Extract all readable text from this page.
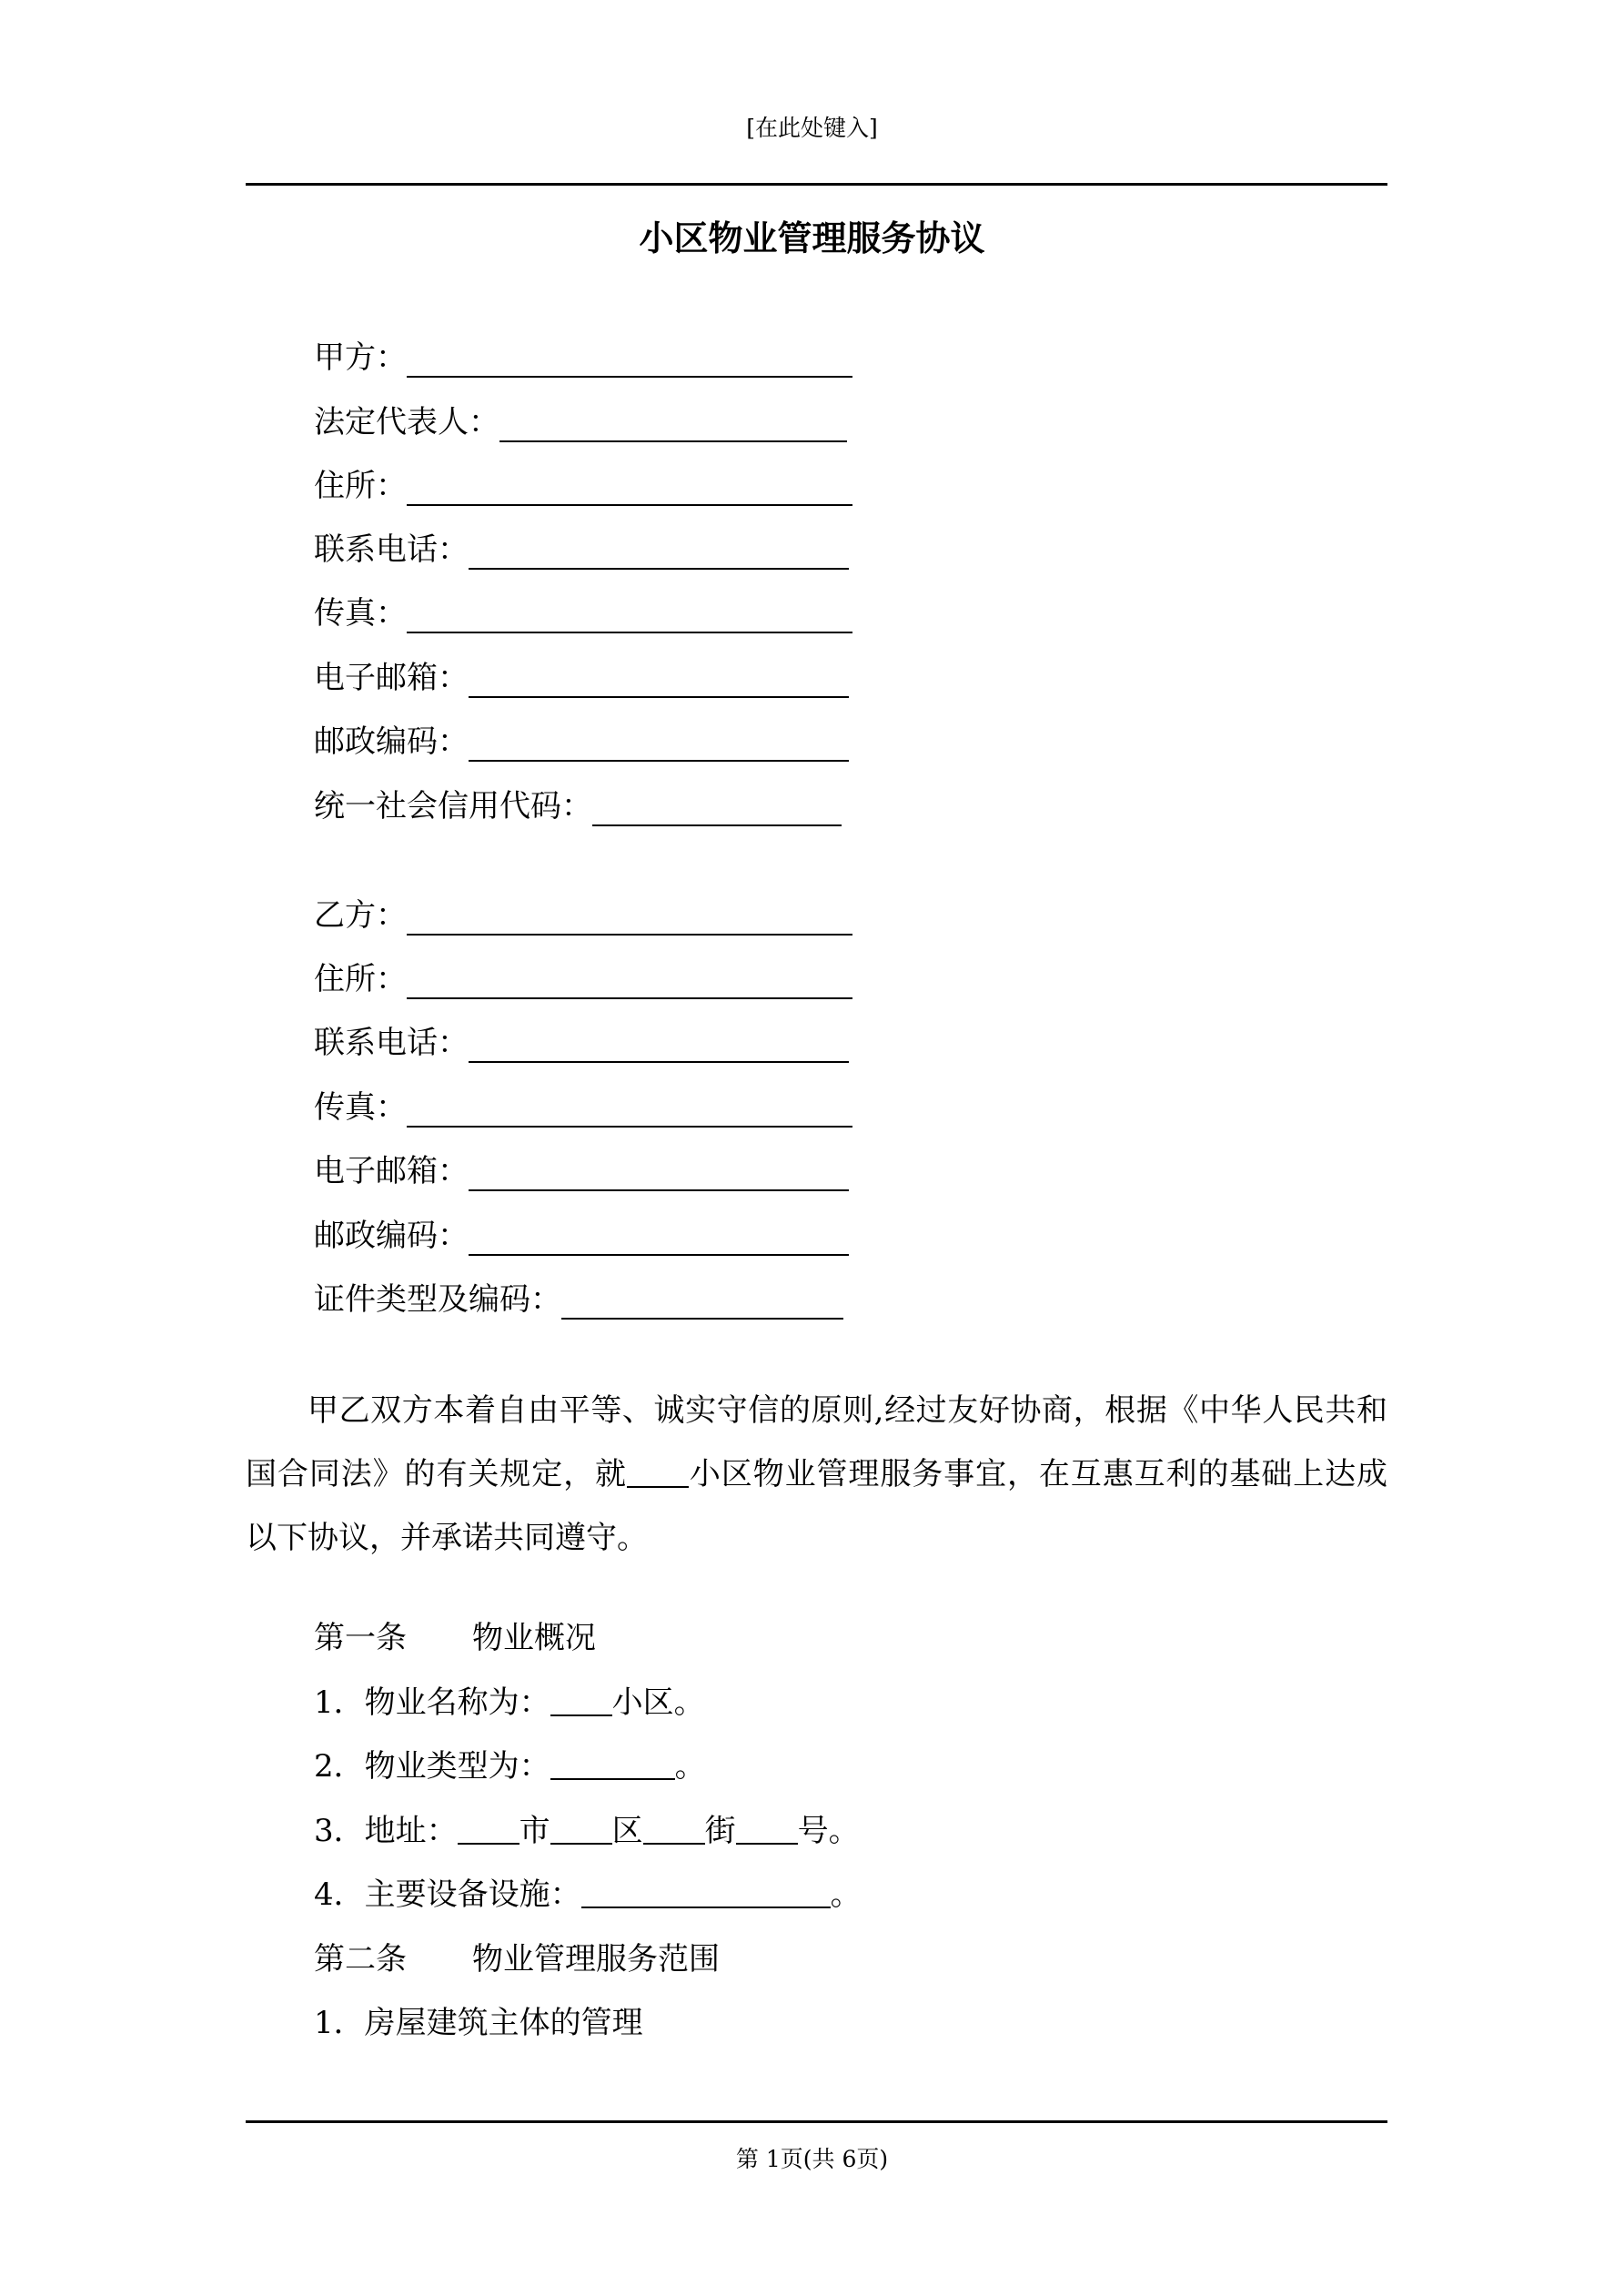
[在此处键入]
小区物业管理服务协议
甲方：
法定代表人：
住所：
联系电话：
传真：
电子邮箱：
邮政编码：
统一社会信用代码：
乙方：
住所：
联系电话：
传真：
电子邮箱：
邮政编码：
证件类型及编码：

甲乙双方本着自由平等、诚实守信的原则,经过友好协商，根据《中华人民共和国合同法》的有关规定，就 小区物业管理服务事宜，在互惠互利的基础上达成以下协议，并承诺共同遵守。

第一条 物业概况
1．物业名称为： 小区。
2．物业类型为：	。
3．地址： 市 区 街 号。
4．主要设备设施：	。
第二条 物业管理服务范围
1．房屋建筑主体的管理
第 1页(共 6页)
